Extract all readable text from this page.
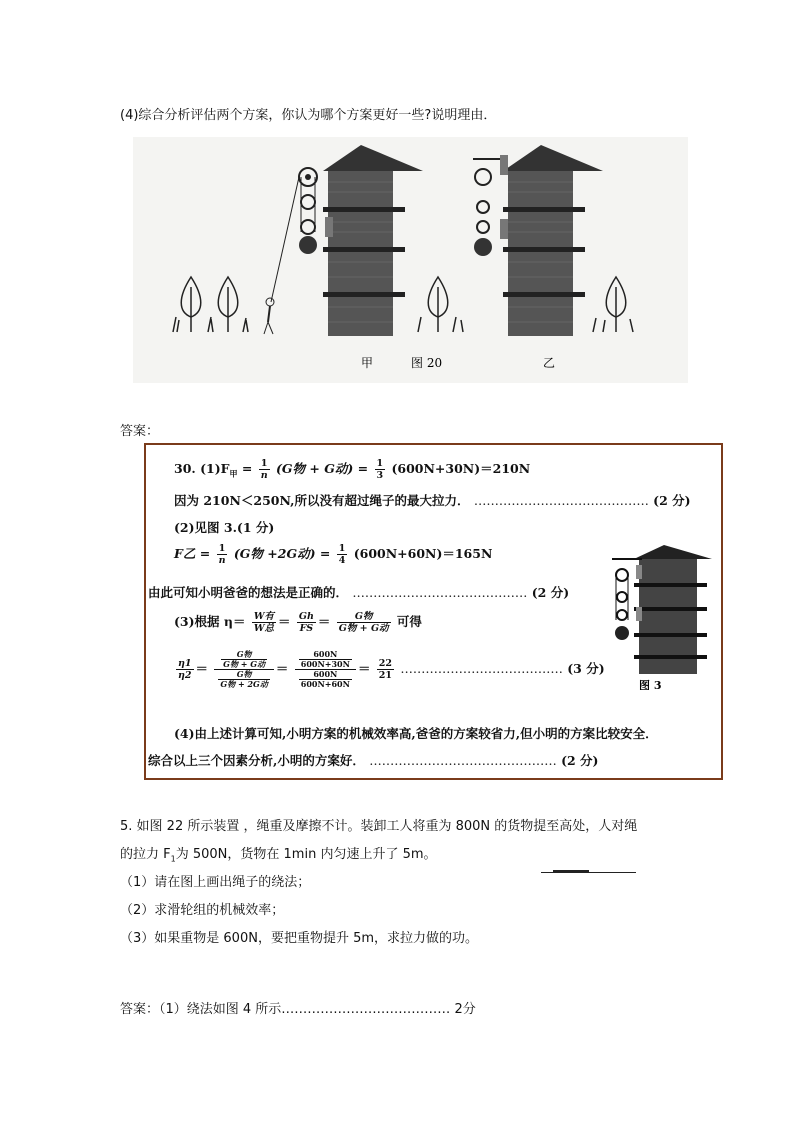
(4)综合分析评估两个方案，你认为哪个方案更好一些?说明理由．
甲	图 20	乙
答案：
30. $(1)F_甲 = \frac{1}{n} (G$物 + G动) = $\frac{1}{3} (600N+30N)=210N$
因为 210N＜250N,所以没有超过绳子的最大拉力． …………………………………… (2 分)
(2)见图 3.(1 分)
F乙 = $\frac{1}{n} (G$物 +2G动) = $\frac{1}{4} (600N+60N)=165N$
由此可知小明爸爸的想法是正确的． …………………………………… (2 分)
(3)根据 $\eta= \frac{\text{W有}}{\text{W总}} = \frac{Gh}{FS} = \frac{\text{G物}}{\text{G物 + G动}}$ 可得
$\frac{\eta 1}{\eta 2} = \frac{\frac{\text{G物}}{\text{G物 + G动}}}{\frac{\text{G物}}{\text{G物 + 2G动}}} = \frac{\frac{600N}{600N+30N}}{\frac{600N}{600N+60N}} = \frac{22}{21}$ ………………………………… (3 分)
图 3
(4)由上述计算可知,小明方案的机械效率高,爸爸的方案较省力,但小明的方案比较安全．
综合以上三个因素分析,小明的方案好． ……………………………………… (2 分)
5. 如图 22 所示装置 ，绳重及摩擦不计。装卸工人将重为 800N 的货物提至高处，人对绳
的拉力 $F_1$为 500N，货物在 1min 内匀速上升了 5m。
（1）请在图上画出绳子的绕法；
（2）求滑轮组的机械效率；
（3）如果重物是 600N，要把重物提升 5m，求拉力做的功。
答案：（1）绕法如图 4 所示………………………………… 2分
